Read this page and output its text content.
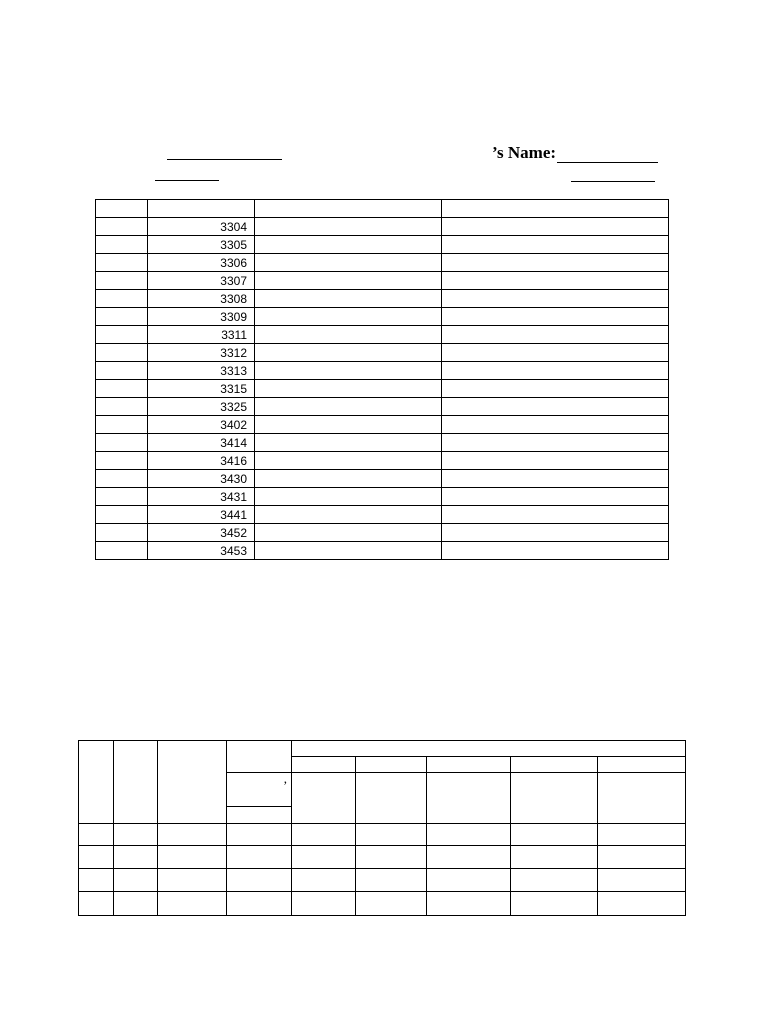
’s Name:

	3304		
	3305		
	3306		
	3307		
	3308		
	3309		
	3311		
	3312		
	3313		
	3315		
	3325		
	3402		
	3414		
	3416		
	3430		
	3431		
	3441		
	3452		
	3453		

			,					
